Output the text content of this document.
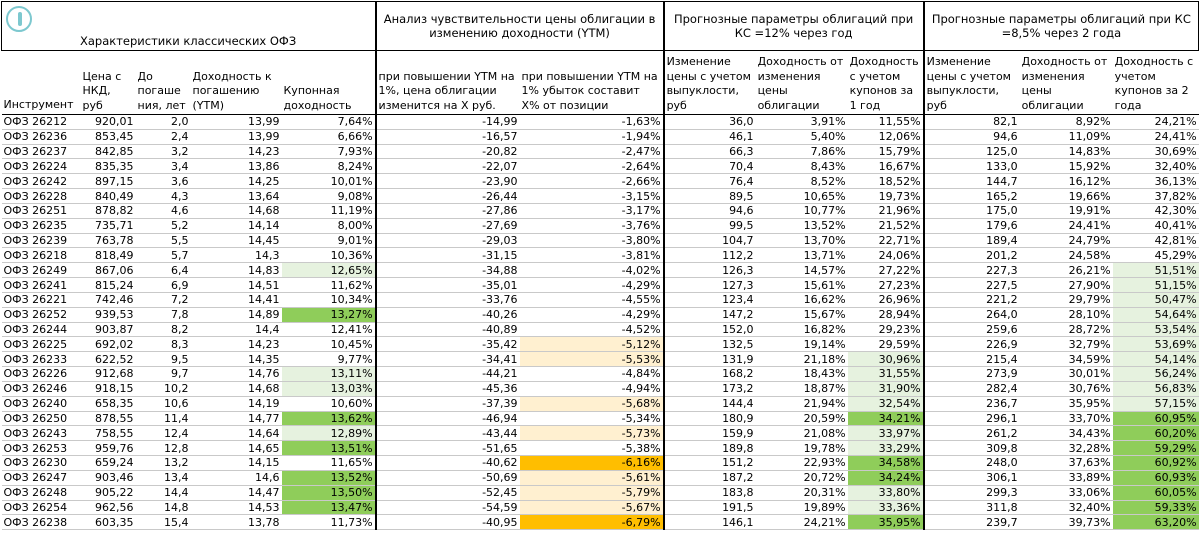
Характеристики классических ОФЗ					Анализ чувствительности цены облигации в изменению доходности (YTM)		Прогнозные параметры облигаций при КС =12% через год			Прогнозные параметры облигаций при КС =8,5% через 2 года		
Инструмент	Цена с НКД, руб	До погаше ния, лет	Доходность к погашению (YTM)	Купонная доходность	при повышении YTM на 1%, цена облигации изменится на X руб.	при повышении YTM на 1% убыток составит X% от позиции	Изменение цены с учетом выпуклости, руб	Доходность от изменения цены облигации	Доходность с учетом купонов за 1 год	Изменение цены с учетом выпуклости, руб	Доходность от изменения цены облигации	Доходность с учетом купонов за 2 года
ОФЗ 26212	920,01	2,0	13,99	7,64%	-14,99	-1,63%	36,0	3,91%	11,55%	82,1	8,92%	24,21%
ОФЗ 26236	853,45	2,4	13,99	6,66%	-16,57	-1,94%	46,1	5,40%	12,06%	94,6	11,09%	24,41%
ОФЗ 26237	842,85	3,2	14,23	7,93%	-20,82	-2,47%	66,3	7,86%	15,79%	125,0	14,83%	30,69%
ОФЗ 26224	835,35	3,4	13,86	8,24%	-22,07	-2,64%	70,4	8,43%	16,67%	133,0	15,92%	32,40%
ОФЗ 26242	897,15	3,6	14,25	10,01%	-23,90	-2,66%	76,4	8,52%	18,52%	144,7	16,12%	36,13%
ОФЗ 26228	840,49	4,3	13,64	9,08%	-26,44	-3,15%	89,5	10,65%	19,73%	165,2	19,66%	37,82%
ОФЗ 26251	878,82	4,6	14,68	11,19%	-27,86	-3,17%	94,6	10,77%	21,96%	175,0	19,91%	42,30%
ОФЗ 26235	735,71	5,2	14,14	8,00%	-27,69	-3,76%	99,5	13,52%	21,52%	179,6	24,41%	40,41%
ОФЗ 26239	763,78	5,5	14,45	9,01%	-29,03	-3,80%	104,7	13,70%	22,71%	189,4	24,79%	42,81%
ОФЗ 26218	818,49	5,7	14,3	10,36%	-31,15	-3,81%	112,2	13,71%	24,06%	201,2	24,58%	45,29%
ОФЗ 26249	867,06	6,4	14,83	12,65%	-34,88	-4,02%	126,3	14,57%	27,22%	227,3	26,21%	51,51%
ОФЗ 26241	815,24	6,9	14,51	11,62%	-35,01	-4,29%	127,3	15,61%	27,23%	227,5	27,90%	51,15%
ОФЗ 26221	742,46	7,2	14,41	10,34%	-33,76	-4,55%	123,4	16,62%	26,96%	221,2	29,79%	50,47%
ОФЗ 26252	939,53	7,8	14,89	13,27%	-40,26	-4,29%	147,2	15,67%	28,94%	264,0	28,10%	54,64%
ОФЗ 26244	903,87	8,2	14,4	12,41%	-40,89	-4,52%	152,0	16,82%	29,23%	259,6	28,72%	53,54%
ОФЗ 26225	692,02	8,3	14,23	10,45%	-35,42	-5,12%	132,5	19,14%	29,59%	226,9	32,79%	53,69%
ОФЗ 26233	622,52	9,5	14,35	9,77%	-34,41	-5,53%	131,9	21,18%	30,96%	215,4	34,59%	54,14%
ОФЗ 26226	912,68	9,7	14,76	13,11%	-44,21	-4,84%	168,2	18,43%	31,55%	273,9	30,01%	56,24%
ОФЗ 26246	918,15	10,2	14,68	13,03%	-45,36	-4,94%	173,2	18,87%	31,90%	282,4	30,76%	56,83%
ОФЗ 26240	658,35	10,6	14,19	10,60%	-37,39	-5,68%	144,4	21,94%	32,54%	236,7	35,95%	57,15%
ОФЗ 26250	878,55	11,4	14,77	13,62%	-46,94	-5,34%	180,9	20,59%	34,21%	296,1	33,70%	60,95%
ОФЗ 26243	758,55	12,4	14,64	12,89%	-43,44	-5,73%	159,9	21,08%	33,97%	261,2	34,43%	60,20%
ОФЗ 26253	959,76	12,8	14,65	13,51%	-51,65	-5,38%	189,8	19,78%	33,29%	309,8	32,28%	59,29%
ОФЗ 26230	659,24	13,2	14,15	11,65%	-40,62	-6,16%	151,2	22,93%	34,58%	248,0	37,63%	60,92%
ОФЗ 26247	903,46	13,4	14,6	13,52%	-50,69	-5,61%	187,2	20,72%	34,24%	306,1	33,89%	60,93%
ОФЗ 26248	905,22	14,4	14,47	13,50%	-52,45	-5,79%	183,8	20,31%	33,80%	299,3	33,06%	60,05%
ОФЗ 26254	962,56	14,8	14,53	13,47%	-54,59	-5,67%	191,5	19,89%	33,36%	311,8	32,40%	59,33%
ОФЗ 26238	603,35	15,4	13,78	11,73%	-40,95	-6,79%	146,1	24,21%	35,95%	239,7	39,73%	63,20%
